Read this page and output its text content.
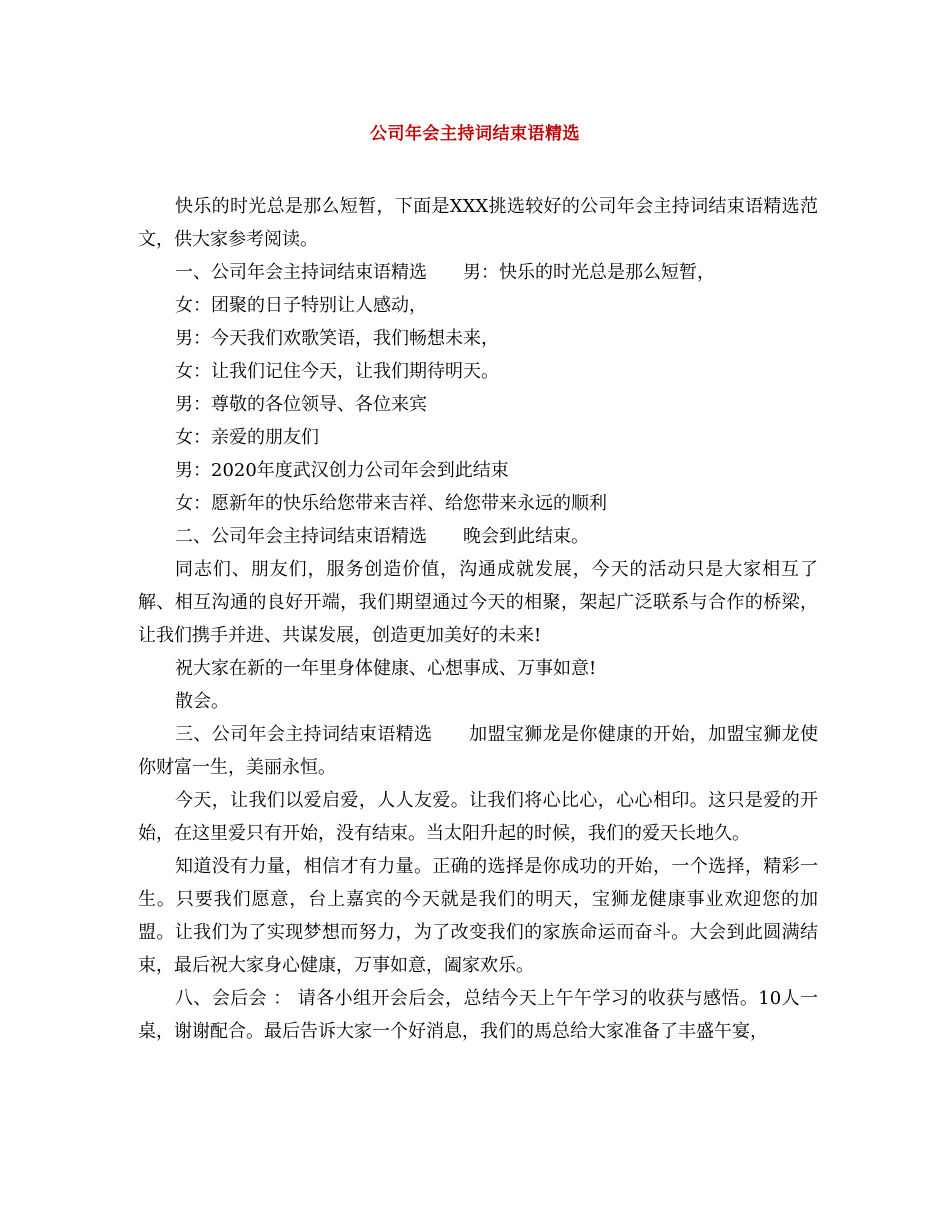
公司年会主持词结束语精选

快乐的时光总是那么短暂，下面是XXX挑选较好的公司年会主持词结束语精选范文，供大家参考阅读。

一、公司年会主持词结束语精选　　男：快乐的时光总是那么短暂，

女：团聚的日子特别让人感动，

男：今天我们欢歌笑语，我们畅想未来，

女：让我们记住今天，让我们期待明天。

男：尊敬的各位领导、各位来宾

女：亲爱的朋友们

男：2020年度武汉创力公司年会到此结束

女：愿新年的快乐给您带来吉祥、给您带来永远的顺利

二、公司年会主持词结束语精选　　晚会到此结束。

同志们、朋友们，服务创造价值，沟通成就发展，今天的活动只是大家相互了解、相互沟通的良好开端，我们期望通过今天的相聚，架起广泛联系与合作的桥梁，让我们携手并进、共谋发展，创造更加美好的未来!

祝大家在新的一年里身体健康、心想事成、万事如意!

散会。

三、公司年会主持词结束语精选　　加盟宝狮龙是你健康的开始，加盟宝狮龙使你财富一生，美丽永恒。

今天，让我们以爱启爱，人人友爱。让我们将心比心，心心相印。这只是爱的开始，在这里爱只有开始，没有结束。当太阳升起的时候，我们的爱天长地久。

知道没有力量，相信才有力量。正确的选择是你成功的开始，一个选择，精彩一生。只要我们愿意，台上嘉宾的今天就是我们的明天，宝狮龙健康事业欢迎您的加盟。让我们为了实现梦想而努力，为了改变我们的家族命运而奋斗。大会到此圆满结束，最后祝大家身心健康，万事如意，阖家欢乐。

八、会后会 ： 请各小组开会后会，总结今天上午午学习的收获与感悟。10人一桌，谢谢配合。最后告诉大家一个好消息，我们的馬总给大家准备了丰盛午宴，
